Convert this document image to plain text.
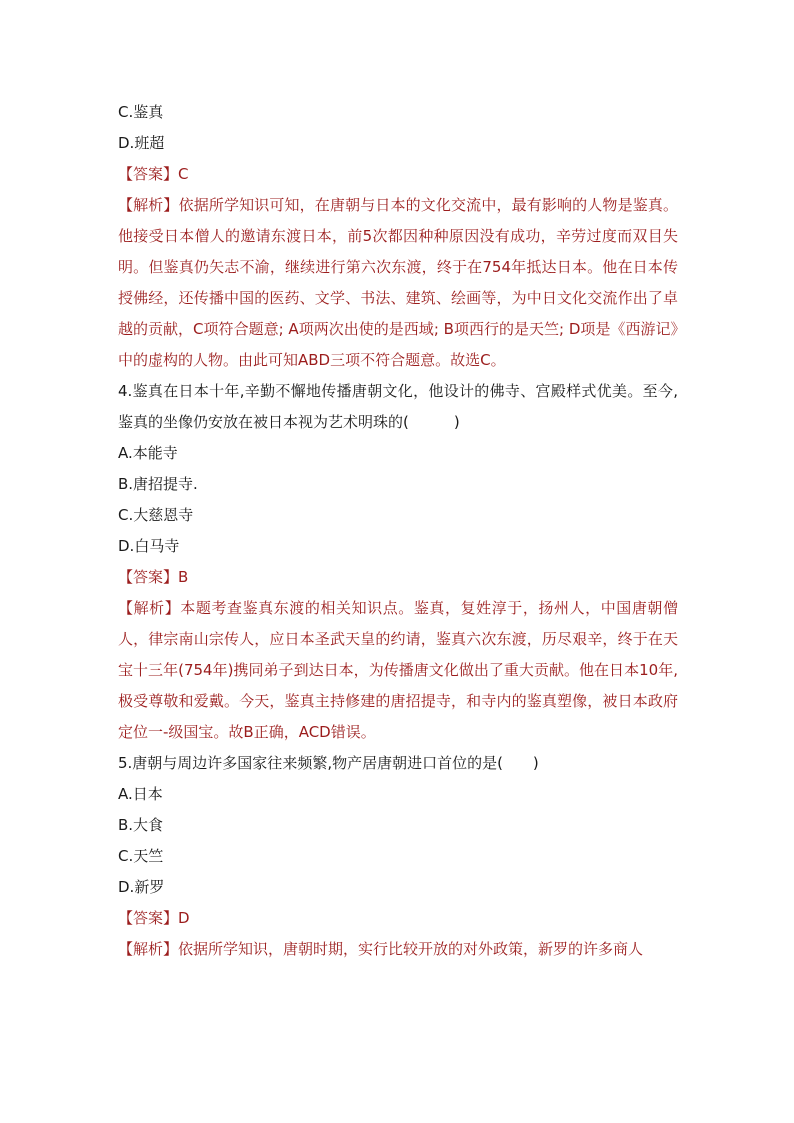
C.鉴真
D.班超
【答案】C
【解析】依据所学知识可知，在唐朝与日本的文化交流中，最有影响的人物是鉴真。他接受日本僧人的邀请东渡日本，前5次都因种种原因没有成功，辛劳过度而双目失明。但鉴真仍矢志不渝，继续进行第六次东渡，终于在754年抵达日本。他在日本传授佛经，还传播中国的医药、文学、书法、建筑、绘画等，为中日文化交流作出了卓越的贡献，C项符合题意; A项两次出使的是西域; B项西行的是天竺; D项是《西游记》中的虚构的人物。由此可知ABD三项不符合题意。故选C。
4.鉴真在日本十年,辛勤不懈地传播唐朝文化，他设计的佛寺、宫殿样式优美。至今,鉴真的坐像仍安放在被日本视为艺术明珠的(　　　)
A.本能寺
B.唐招提寺.
C.大慈恩寺
D.白马寺
【答案】B
【解析】本题考查鉴真东渡的相关知识点。鉴真，复姓淳于，扬州人，中国唐朝僧人，律宗南山宗传人，应日本圣武天皇的约请，鉴真六次东渡，历尽艰辛，终于在天宝十三年(754年)携同弟子到达日本，为传播唐文化做出了重大贡献。他在日本10年,极受尊敬和爱戴。今天，鉴真主持修建的唐招提寺，和寺内的鉴真塑像，被日本政府定位一-级国宝。故B正确，ACD错误。
5.唐朝与周边许多国家往来频繁,物产居唐朝进口首位的是(　　)
A.日本
B.大食
C.天竺
D.新罗
【答案】D
【解析】依据所学知识，唐朝时期，实行比较开放的对外政策，新罗的许多商人
